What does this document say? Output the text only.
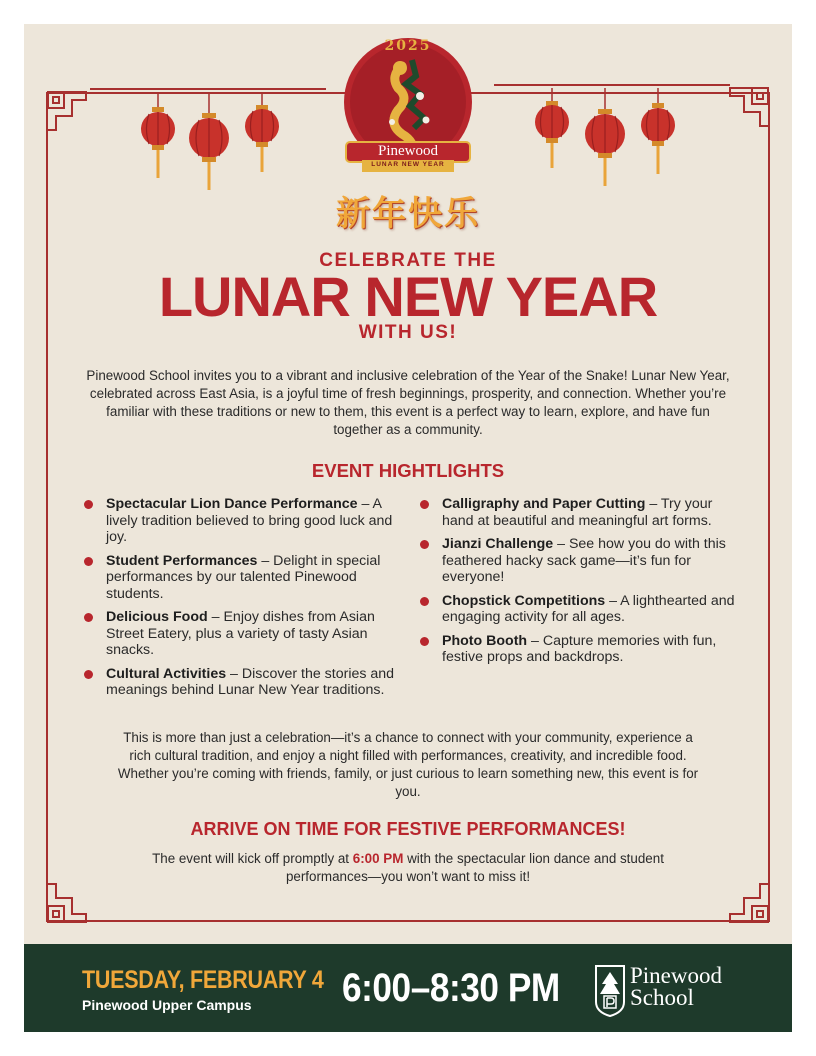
2025
Pinewood
LUNAR NEW YEAR
新年快乐
CELEBRATE THE
LUNAR NEW YEAR
WITH US!
Pinewood School invites you to a vibrant and inclusive celebration of the Year of the Snake! Lunar New Year, celebrated across East Asia, is a joyful time of fresh beginnings, prosperity, and connection. Whether you’re familiar with these traditions or new to them, this event is a perfect way to learn, explore, and have fun together as a community.
EVENT HIGHTLIGHTS
Spectacular Lion Dance Performance – A lively tradition believed to bring good luck and joy.
Student Performances – Delight in special performances by our talented Pinewood students.
Delicious Food – Enjoy dishes from Asian Street Eatery, plus a variety of tasty Asian snacks.
Cultural Activities – Discover the stories and meanings behind Lunar New Year traditions.
Calligraphy and Paper Cutting – Try your hand at beautiful and meaningful art forms.
Jianzi Challenge – See how you do with this feathered hacky sack game—it’s fun for everyone!
Chopstick Competitions – A lighthearted and engaging activity for all ages.
Photo Booth – Capture memories with fun, festive props and backdrops.
This is more than just a celebration—it’s a chance to connect with your community, experience a rich cultural tradition, and enjoy a night filled with performances, creativity, and incredible food. Whether you’re coming with friends, family, or just curious to learn something new, this event is for you.
ARRIVE ON TIME FOR FESTIVE PERFORMANCES!
The event will kick off promptly at 6:00 PM with the spectacular lion dance and student performances—you won’t want to miss it!
TUESDAY, FEBRUARY 4
Pinewood Upper Campus 6:00–8:30 PM	Pinewood
School
